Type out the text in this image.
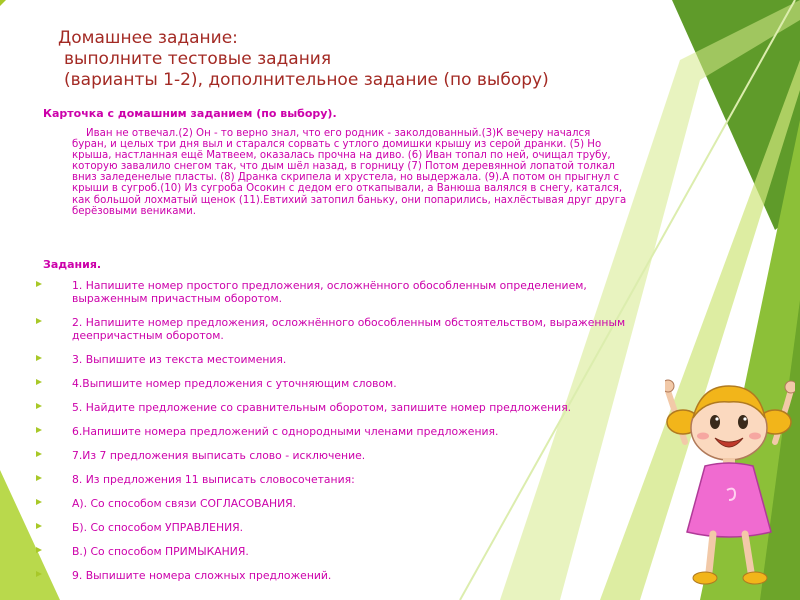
Домашнее задание:
выполните тестовые задания
(варианты 1-2), дополнительное задание (по выбору)
Карточка с домашним заданием (по выбору).
Иван не отвечал.(2) Он - то верно знал, что его родник - заколдованный.(3)К вечеру начался буран, и целых три дня выл и старался сорвать с утлого домишки крышу из серой дранки. (5) Но крыша, настланная ещё Матвеем, оказалась прочна на диво. (6) Иван топал по ней, очищал трубу, которую завалило снегом так, что дым шёл назад, в горницу (7) Потом деревянной лопатой толкал вниз заледенелые пласты. (8) Дранка скрипела и хрустела, но выдержала. (9).А потом он прыгнул с крыши в сугроб.(10) Из сугроба Осокин с дедом его откапывали, а Ванюша валялся в снегу, катался, как большой лохматый щенок (11).Евтихий затопил баньку, они попарились, нахлёстывая друг друга берёзовыми вениками.
Задания.
1. Напишите номер простого предложения, осложнённого обособленным определением, выраженным причастным оборотом.
2. Напишите номер предложения, осложнённого обособленным обстоятельством, выраженным деепричастным оборотом.
3. Выпишите из текста местоимения.
4.Выпишите номер предложения с уточняющим словом.
5. Найдите предложение со сравнительным оборотом, запишите номер предложения.
6.Напишите номера предложений с однородными членами предложения.
7.Из 7 предложения выписать слово - исключение.
8. Из предложения 11 выписать словосочетания:
А). Со способом связи СОГЛАСОВАНИЯ.
Б). Со способом УПРАВЛЕНИЯ.
В.) Со способом ПРИМЫКАНИЯ.
9. Выпишите номера сложных предложений.
